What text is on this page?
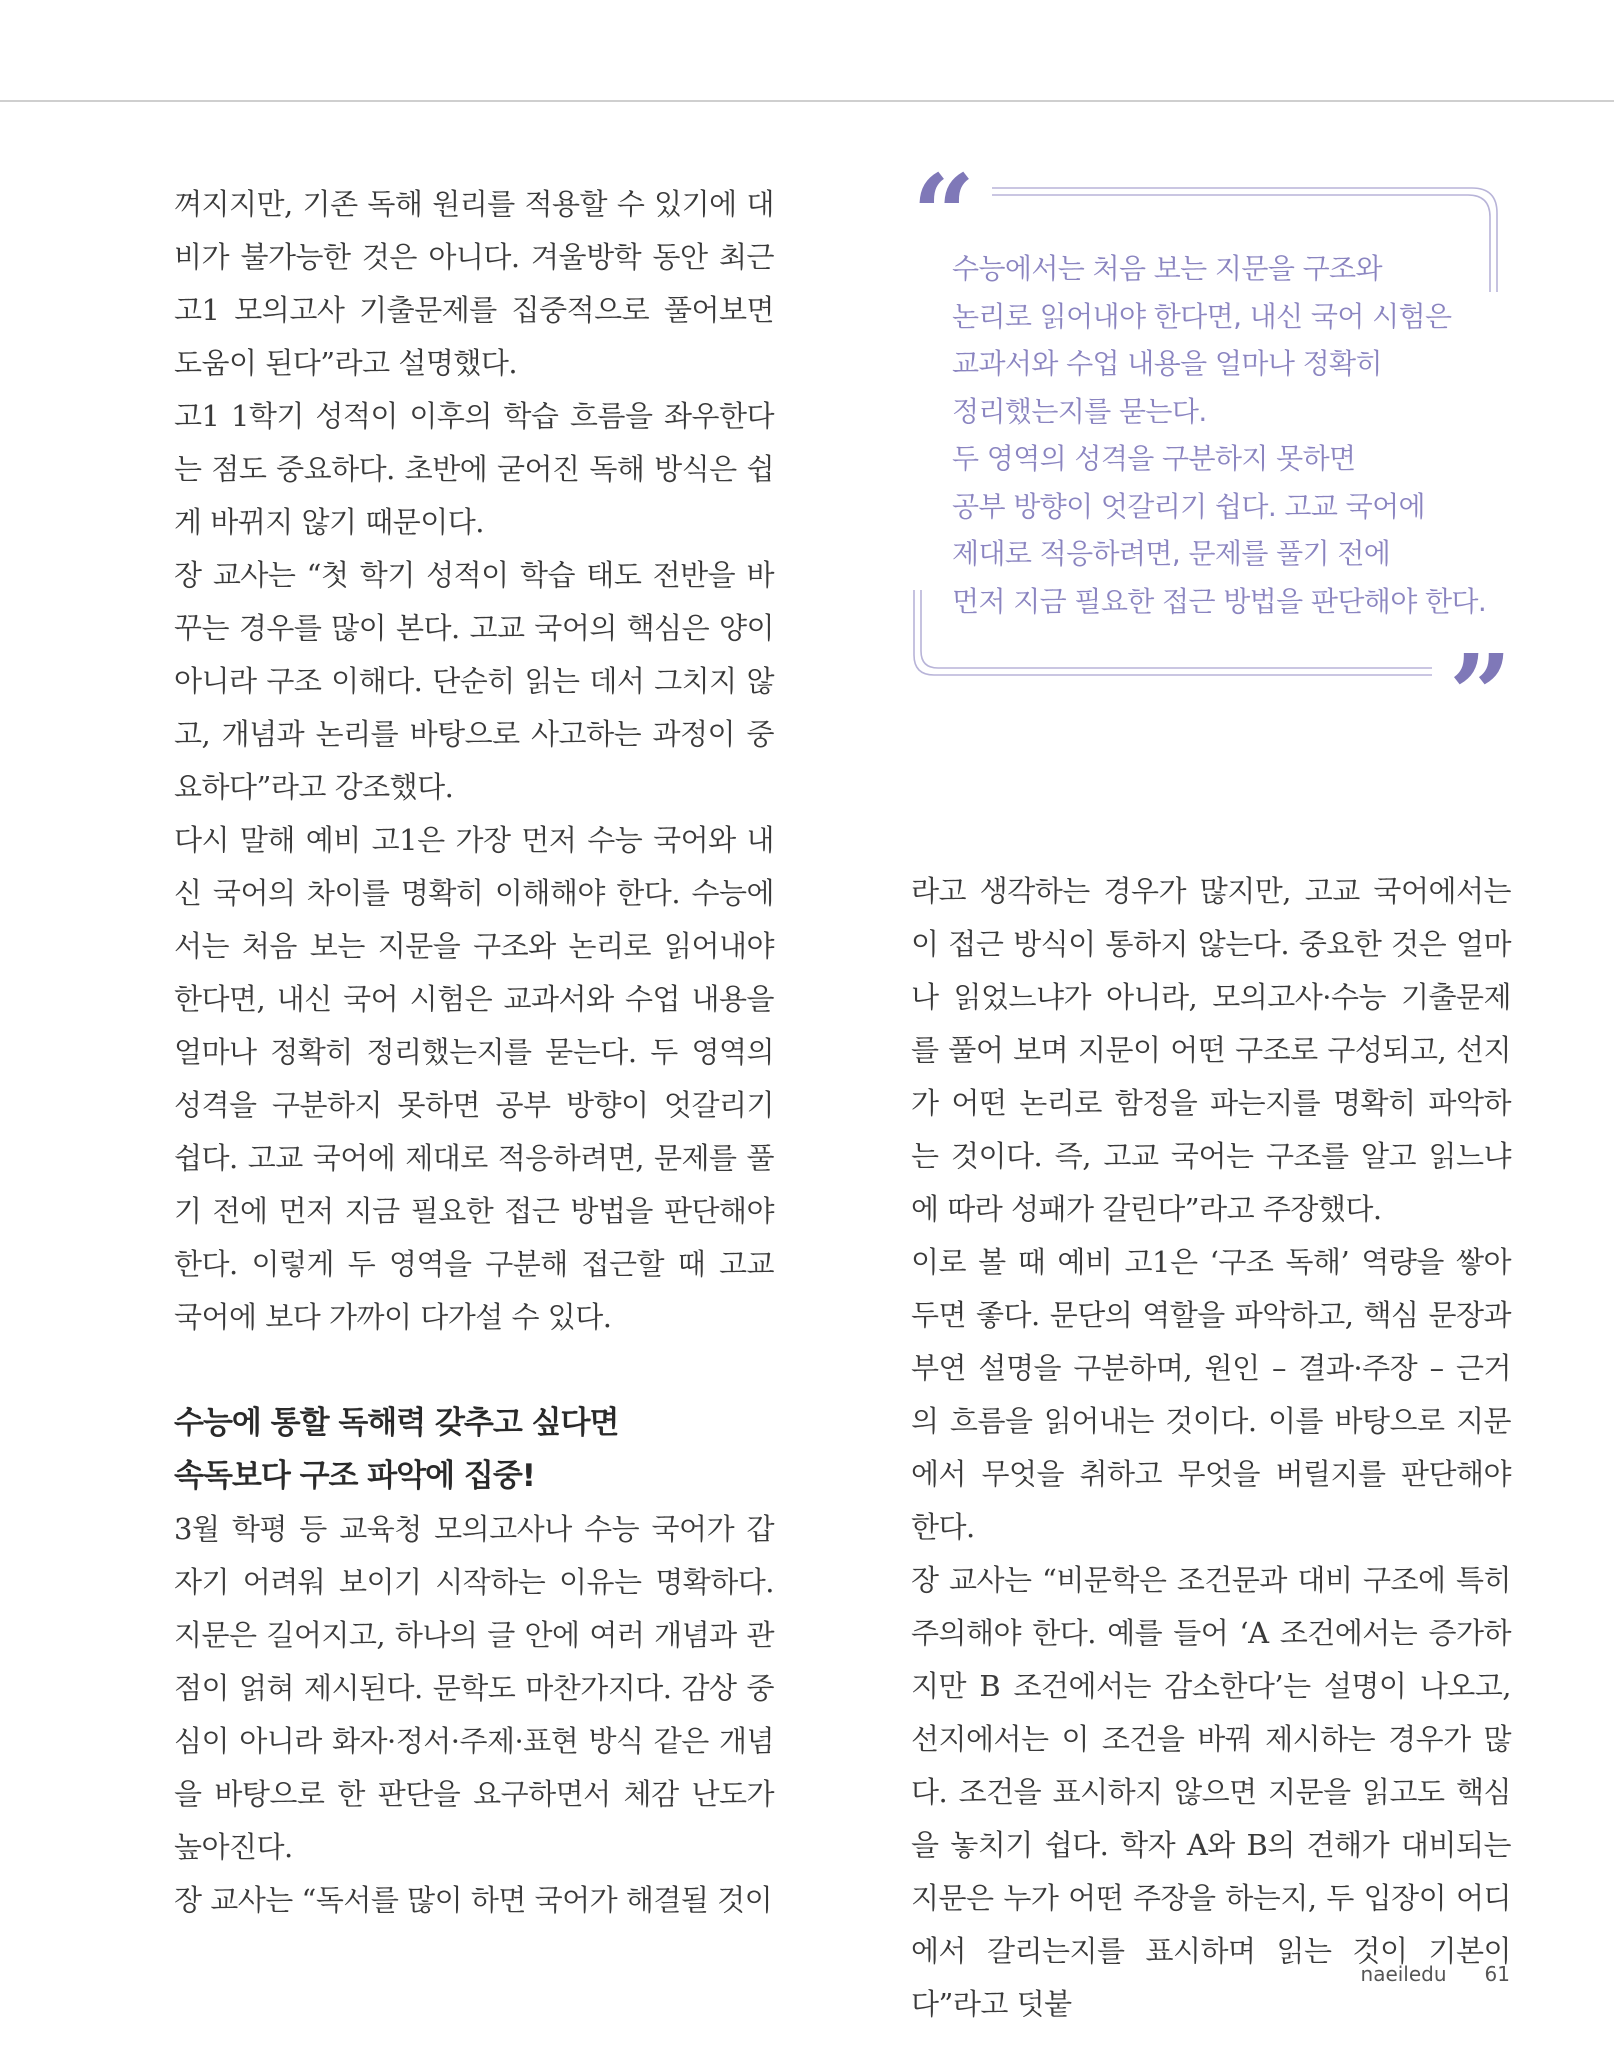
껴지지만, 기존 독해 원리를 적용할 수 있기에 대비가 불가능한 것은 아니다. 겨울방학 동안 최근 고1 모의고사 기출문제를 집중적으로 풀어보면 도움이 된다”라고 설명했다.

고1 1학기 성적이 이후의 학습 흐름을 좌우한다는 점도 중요하다. 초반에 굳어진 독해 방식은 쉽게 바뀌지 않기 때문이다.

장 교사는 “첫 학기 성적이 학습 태도 전반을 바꾸는 경우를 많이 본다. 고교 국어의 핵심은 양이 아니라 구조 이해다. 단순히 읽는 데서 그치지 않고, 개념과 논리를 바탕으로 사고하는 과정이 중요하다”라고 강조했다.

다시 말해 예비 고1은 가장 먼저 수능 국어와 내신 국어의 차이를 명확히 이해해야 한다. 수능에서는 처음 보는 지문을 구조와 논리로 읽어내야 한다면, 내신 국어 시험은 교과서와 수업 내용을 얼마나 정확히 정리했는지를 묻는다. 두 영역의 성격을 구분하지 못하면 공부 방향이 엇갈리기 쉽다. 고교 국어에 제대로 적응하려면, 문제를 풀기 전에 먼저 지금 필요한 접근 방법을 판단해야 한다. 이렇게 두 영역을 구분해 접근할 때 고교 국어에 보다 가까이 다가설 수 있다.

수능에 통할 독해력 갖추고 싶다면
속독보다 구조 파악에 집중!

3월 학평 등 교육청 모의고사나 수능 국어가 갑자기 어려워 보이기 시작하는 이유는 명확하다. 지문은 길어지고, 하나의 글 안에 여러 개념과 관점이 얽혀 제시된다. 문학도 마찬가지다. 감상 중심이 아니라 화자·정서·주제·표현 방식 같은 개념을 바탕으로 한 판단을 요구하면서 체감 난도가 높아진다.

장 교사는 “독서를 많이 하면 국어가 해결될 것이

“
수능에서는 처음 보는 지문을 구조와
논리로 읽어내야 한다면, 내신 국어 시험은
교과서와 수업 내용을 얼마나 정확히
정리했는지를 묻는다.
두 영역의 성격을 구분하지 못하면
공부 방향이 엇갈리기 쉽다. 고교 국어에
제대로 적응하려면, 문제를 풀기 전에
먼저 지금 필요한 접근 방법을 판단해야 한다.
”

라고 생각하는 경우가 많지만, 고교 국어에서는 이 접근 방식이 통하지 않는다. 중요한 것은 얼마나 읽었느냐가 아니라, 모의고사·수능 기출문제를 풀어 보며 지문이 어떤 구조로 구성되고, 선지가 어떤 논리로 함정을 파는지를 명확히 파악하는 것이다. 즉, 고교 국어는 구조를 알고 읽느냐에 따라 성패가 갈린다”라고 주장했다.

이로 볼 때 예비 고1은 ‘구조 독해’ 역량을 쌓아두면 좋다. 문단의 역할을 파악하고, 핵심 문장과 부연 설명을 구분하며, 원인 – 결과·주장 – 근거의 흐름을 읽어내는 것이다. 이를 바탕으로 지문에서 무엇을 취하고 무엇을 버릴지를 판단해야 한다.

장 교사는 “비문학은 조건문과 대비 구조에 특히 주의해야 한다. 예를 들어 ‘A 조건에서는 증가하지만 B 조건에서는 감소한다’는 설명이 나오고, 선지에서는 이 조건을 바꿔 제시하는 경우가 많다. 조건을 표시하지 않으면 지문을 읽고도 핵심을 놓치기 쉽다. 학자 A와 B의 견해가 대비되는 지문은 누가 어떤 주장을 하는지, 두 입장이 어디에서 갈리는지를 표시하며 읽는 것이 기본이다”라고 덧붙

naeiledu 61
